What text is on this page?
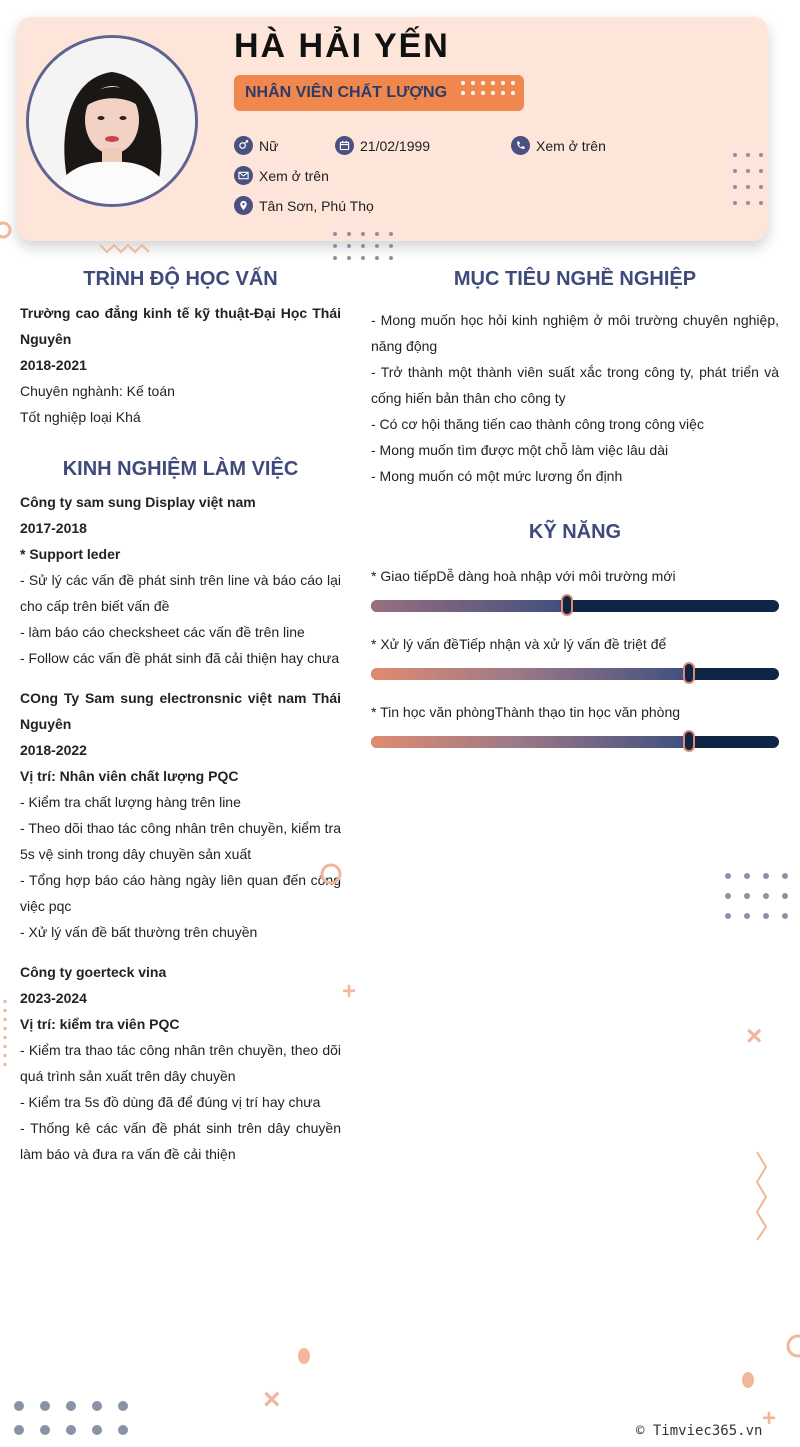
HÀ HẢI YẾN
NHÂN VIÊN CHẤT LƯỢNG
Nữ	21/02/1999	Xem ở trên
Xem ở trên
Tân Sơn, Phú Thọ
TRÌNH ĐỘ HỌC VẤN

Trường cao đẳng kinh tế kỹ thuật-Đại Học Thái Nguyên

2018-2021

Chuyên nghành: Kế toán

Tốt nghiệp loại Khá

KINH NGHIỆM LÀM VIỆC

Công ty sam sung Display việt nam

2017-2018

* Support leder

- Sử lý các vấn đề phát sinh trên line và báo cáo lại cho cấp trên biết vấn đề

- làm báo cáo checksheet các vấn đề trên line

- Follow các vấn đề phát sinh đã cải thiện hay chưa

COng Ty Sam sung electronsnic việt nam Thái Nguyên

2018-2022

Vị trí: Nhân viên chất lượng PQC

- Kiểm tra chất lượng hàng trên line

- Theo dõi thao tác công nhân trên chuyền, kiểm tra 5s vệ sinh trong dây chuyền sản xuất

- Tổng hợp báo cáo hàng ngày liên quan đến công việc pqc

- Xử lý vấn đề bất thường trên chuyền

Công ty goerteck vina

2023-2024

Vị trí: kiểm tra viên PQC

- Kiểm tra thao tác công nhân trên chuyền, theo dõi quá trình sản xuất trên dây chuyền

- Kiểm tra 5s đồ dùng đã để đúng vị trí hay chưa

- Thống kê các vấn đề phát sinh trên dây chuyền làm báo và đưa ra vấn đề cải thiện

MỤC TIÊU NGHỀ NGHIỆP

- Mong muốn học hỏi kinh nghiệm ở môi trường chuyên nghiệp, năng động

- Trở thành một thành viên suất xắc trong công ty, phát triển và cống hiến bản thân cho công ty

- Có cơ hội thăng tiến cao thành công trong công việc

- Mong muốn tìm được một chỗ làm việc lâu dài

- Mong muốn có một mức lương ổn định

KỸ NĂNG
* Giao tiếpDễ dàng hoà nhập với môi trường mới
* Xử lý vấn đềTiếp nhận và xử lý vấn đề triệt để
* Tin học văn phòngThành thạo tin học văn phòng
+
×
×
+
© Timviec365.vn
